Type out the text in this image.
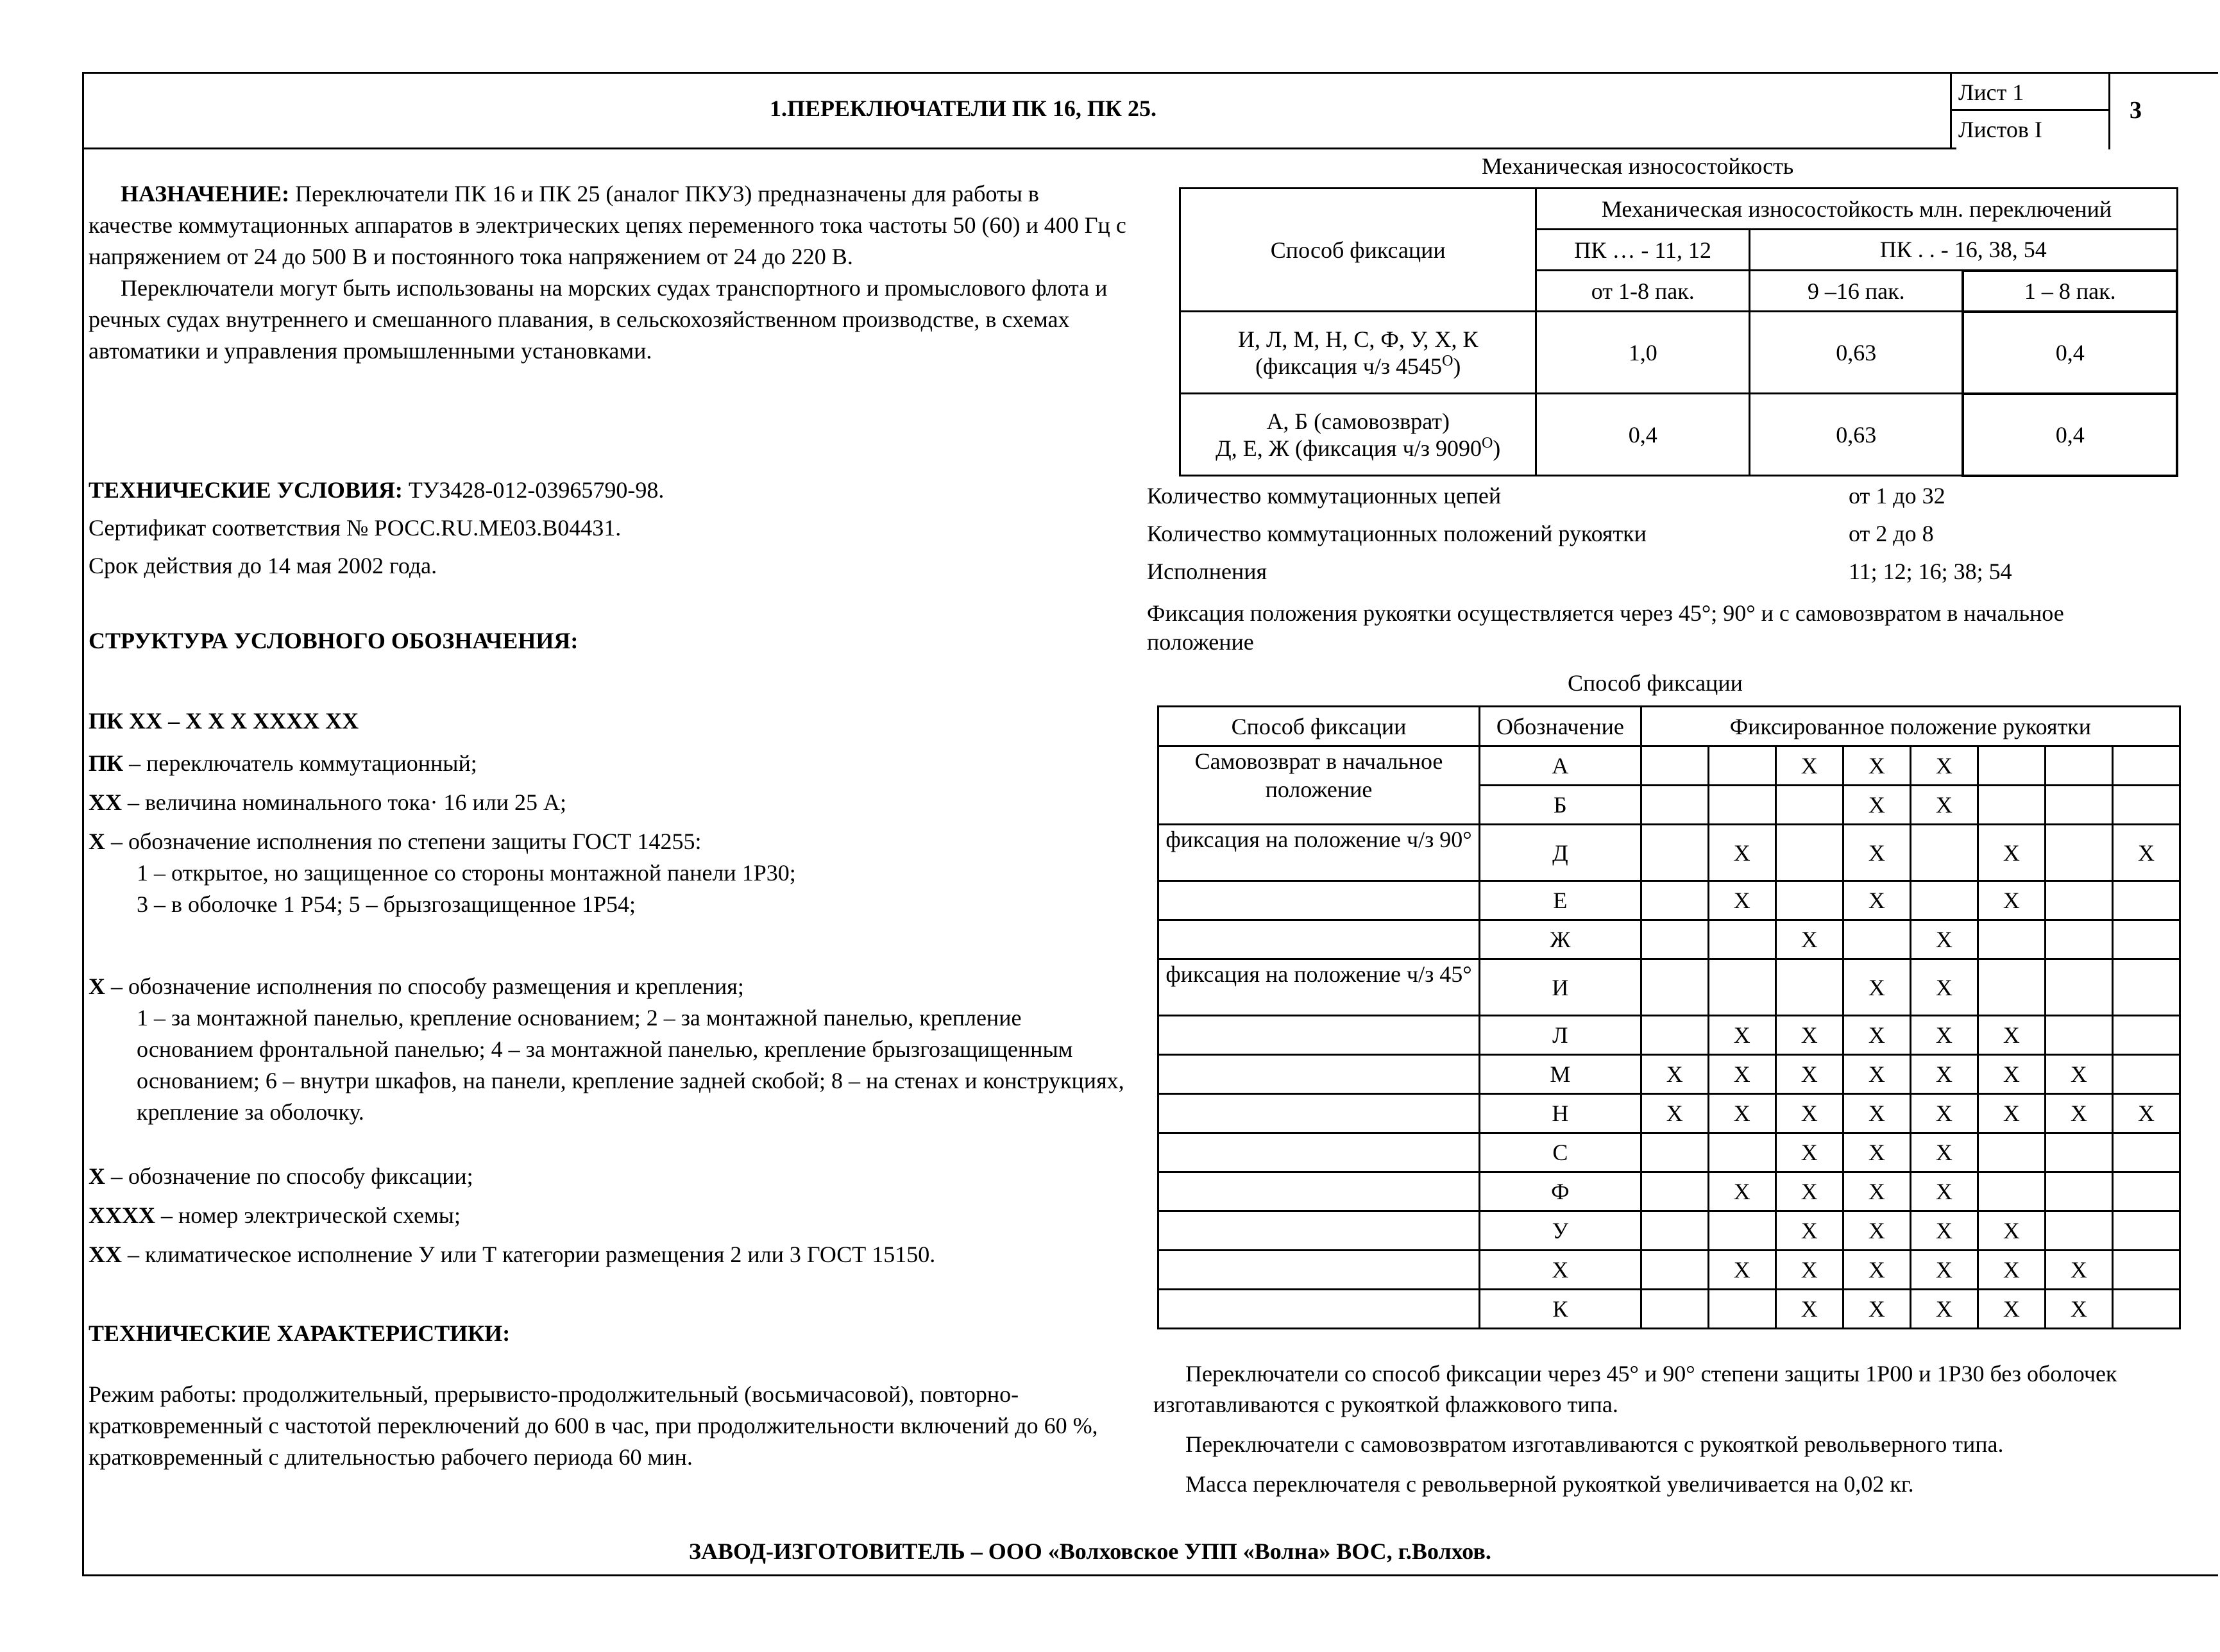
1.ПЕРЕКЛЮЧАТЕЛИ ПК 16, ПК 25.
Лист 1
Листов I
3

НАЗНАЧЕНИЕ: Переключатели ПК 16 и ПК 25 (аналог ПКУ3) предназначены для работы в качестве коммутационных аппаратов в электрических цепях переменного тока частоты 50 (60) и 400 Гц с напряжением от 24 до 500 В и постоянного тока напряжением от 24 до 220 В.

Переключатели могут быть использованы на морских судах транспортного и промыслового флота и речных судах внутреннего и смешанного плавания, в сельскохозяйственном производстве, в схемах автоматики и управления промышленными установками.

ТЕХНИЧЕСКИЕ УСЛОВИЯ: ТУ3428-012-03965790-98.

Сертификат соответствия № РОСС.RU.ME03.B04431.

Срок действия до 14 мая 2002 года.

СТРУКТУРА УСЛОВНОГО ОБОЗНАЧЕНИЯ:
ПК ХХ – Х Х Х ХХХХ ХХ

ПК – переключатель коммутационный;

ХХ – величина номинального тока· 16 или 25 А;

Х – обозначение исполнения по степени защиты ГОСТ 14255:

1 – открытое, но защищенное со стороны монтажной панели 1Р30;

3 – в оболочке 1 Р54; 5 – брызгозащищенное 1Р54;

Х – обозначение исполнения по способу размещения и крепления;

1 – за монтажной панелью, крепление основанием; 2 – за монтажной панелью, крепление основанием фронтальной панелью; 4 – за монтажной панелью, крепление брызгозащищенным основанием; 6 – внутри шкафов, на панели, крепление задней скобой; 8 – на стенах и конструкциях, крепление за оболочку.

Х – обозначение по способу фиксации;

ХХХХ – номер электрической схемы;

ХХ – климатическое исполнение У или Т категории размещения 2 или 3 ГОСТ 15150.

ТЕХНИЧЕСКИЕ ХАРАКТЕРИСТИКИ:
Режим работы: продолжительный, прерывисто-продолжительный (восьмичасовой), повторно-кратковременный с частотой переключений до 600 в час, при продолжительности включений до 60 %, кратковременный с длительностью рабочего периода 60 мин.
Механическая износостойкость
Способ фиксации	Механическая износостойкость млн. переключений		
	ПК … - 11, 12	ПК . . - 16, 38, 54	
	от 1-8 пак.	9 –16 пак.	1 – 8 пак.
И, Л, М, Н, С, Ф, У, Х, К
(фиксация ч/з $4545^О$)	1,0	0,63	0,4
А, Б (самовозврат)
Д, Е, Ж (фиксация ч/з $9090^О$)	0,4	0,63	0,4
Количество коммутационных цепей	от 1 до 32
Количество коммутационных положений рукоятки	от 2 до 8
Исполнения	11; 12; 16; 38; 54
Фиксация положения рукоятки осуществляется через 45°; 90° и с самовозвратом в начальное положение
Способ фиксации
Способ фиксации	Обозначение	Фиксированное положение рукоятки							
Самовозврат в начальное положение	А			Х	Х	Х			
	Б				Х	Х			
фиксация на положение ч/з 90°	Д		Х		Х		Х		Х
	Е		Х		Х		Х		
	Ж			Х		Х			
фиксация на положение ч/з 45°	И				Х	Х			
	Л		Х	Х	Х	Х	Х		
	М	Х	Х	Х	Х	Х	Х	Х	
	Н	Х	Х	Х	Х	Х	Х	Х	Х
	С			Х	Х	Х			
	Ф		Х	Х	Х	Х			
	У			Х	Х	Х	Х		
	Х		Х	Х	Х	Х	Х	Х	
	К			Х	Х	Х	Х	Х	

Переключатели со способ фиксации через 45° и 90° степени защиты 1Р00 и 1Р30 без оболочек изготавливаются с рукояткой флажкового типа.

Переключатели с самовозвратом изготавливаются с рукояткой револьверного типа.

Масса переключателя с револьверной рукояткой увеличивается на 0,02 кг.

ЗАВОД-ИЗГОТОВИТЕЛЬ – ООО «Волховское УПП «Волна» ВОС, г.Волхов.
